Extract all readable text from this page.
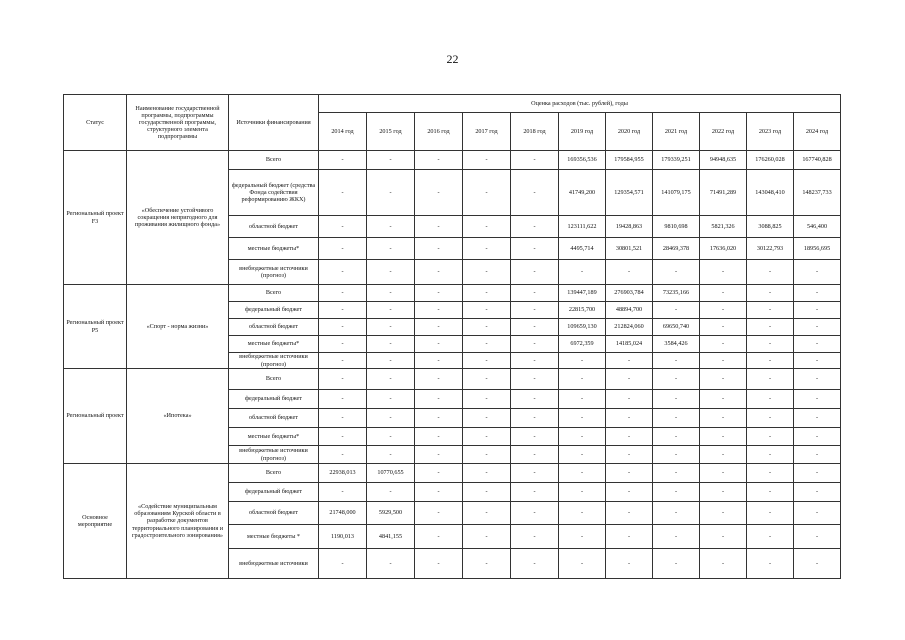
22
Статус	Наименование государственной программы, подпрограммы государственной программы, структурного элемента подпрограммы	Источники финансирования	Оценка расходов (тыс. рублей), годы										
			2014 год	2015 год	2016 год	2017 год	2018 год	2019 год	2020 год	2021 год	2022 год	2023 год	2024 год
Региональный проект F3	«Обеспечение устойчивого сокращения непригодного для проживания жилищного фонда»	Всего	-	-	-	-	-	169356,536	179584,955	179339,251	94948,635	176260,028	167740,828
		федеральный бюджет (средства Фонда содействия реформированию ЖКХ)	-	-	-	-	-	41749,200	129354,571	141079,175	71491,289	143048,410	148237,733
		областной бюджет	-	-	-	-	-	123111,622	19428,863	9810,698	5821,326	3088,825	546,400
		местные бюджеты*	-	-	-	-	-	4495,714	30801,521	28469,378	17636,020	30122,793	18956,695
		внебюджетные источники (прогноз)	-	-	-	-	-	-	-	-	-	-	-
Региональный проект Р5	«Спорт - норма жизни»	Всего	-	-	-	-	-	139447,189	276903,784	73235,166	-	-	-
		федеральный бюджет	-	-	-	-	-	22815,700	48894,700	-	-	-	-
		областной бюджет	-	-	-	-	-	109659,130	212824,060	69650,740	-	-	-
		местные бюджеты*	-	-	-	-	-	6972,359	14185,024	3584,426	-	-	-
		внебюджетные источники (прогноз)	-	-	-	-	-	-	-	-	-	-	-
Региональный проект	«Ипотека»	Всего	-	-	-	-	-	-	-	-	-	-	-
		федеральный бюджет	-	-	-	-	-	-	-	-	-	-	-
		областной бюджет	-	-	-	-	-	-	-	-	-	-	-
		местные бюджеты*	-	-	-	-	-	-	-	-	-	-	-
		внебюджетные источники (прогноз)	-	-	-	-	-	-	-	-	-	-	-
Основное мероприятие	«Содействие муниципальным образованиям Курской области в разработке документов территориального планирования и градостроительного зонирования»	Всего	22938,013	10770,655	-	-	-	-	-	-	-	-	-
		федеральный бюджет	-	-	-	-	-	-	-	-	-	-	-
		областной бюджет	21748,000	5929,500	-	-	-	-	-	-	-	-	-
		местные бюджеты *	1190,013	4841,155	-	-	-	-	-	-	-	-	-
		внебюджетные источники	-	-	-	-	-	-	-	-	-	-	-
